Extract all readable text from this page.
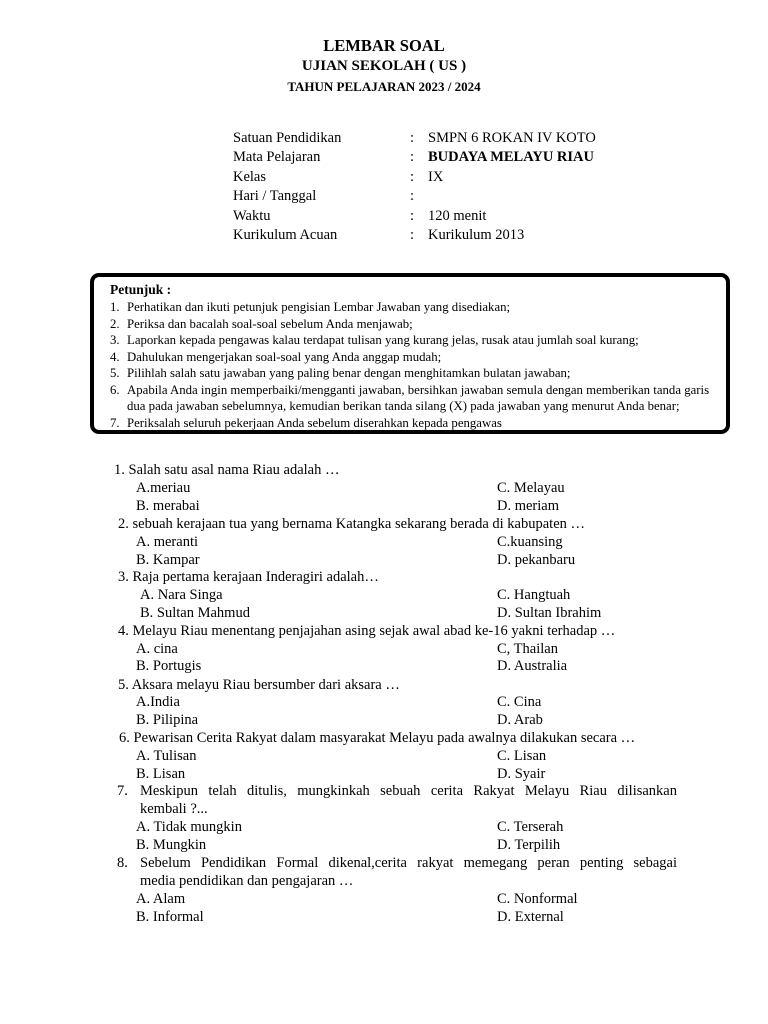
LEMBAR SOAL
UJIAN SEKOLAH ( US )
TAHUN PELAJARAN 2023 / 2024
Satuan Pendidikan	: SMPN 6 ROKAN IV KOTO
Mata Pelajaran	: BUDAYA MELAYU RIAU
Kelas	: IX
Hari / Tanggal	:
Waktu	: 120 menit
Kurikulum Acuan	: Kurikulum 2013
Petunjuk :
1. Perhatikan dan ikuti petunjuk pengisian Lembar Jawaban yang disediakan;
2. Periksa dan bacalah soal-soal sebelum Anda menjawab;
3. Laporkan kepada pengawas kalau terdapat tulisan yang kurang jelas, rusak atau jumlah soal kurang;
4. Dahulukan mengerjakan soal-soal yang Anda anggap mudah;
5. Pilihlah salah satu jawaban yang paling benar dengan menghitamkan bulatan jawaban;
6. Apabila Anda ingin memperbaiki/mengganti jawaban, bersihkan jawaban semula dengan memberikan tanda garis dua pada jawaban sebelumnya, kemudian berikan tanda silang (X) pada jawaban yang menurut Anda benar;
7. Periksalah seluruh pekerjaan Anda sebelum diserahkan kepada pengawas
1. Salah satu asal nama Riau adalah …
A.meriau	C. Melayau
B. merabai	D. meriam
2. sebuah kerajaan tua yang bernama Katangka sekarang berada di kabupaten …
A. meranti	C.kuansing
B. Kampar	D. pekanbaru
3. Raja pertama kerajaan Inderagiri adalah…
A. Nara Singa	C. Hangtuah
B. Sultan Mahmud	D. Sultan Ibrahim
4. Melayu Riau menentang penjajahan asing sejak awal abad ke-16 yakni terhadap …
A. cina	C, Thailan
B. Portugis	D. Australia
5. Aksara melayu Riau bersumber dari aksara …
A.India	C. Cina
B. Pilipina	D. Arab
6. Pewarisan Cerita Rakyat dalam masyarakat Melayu pada awalnya dilakukan secara …
A. Tulisan	C. Lisan
B. Lisan	D. Syair
7. Meskipun telah ditulis, mungkinkah sebuah cerita Rakyat Melayu Riau dilisankan
kembali ?...
A. Tidak mungkin	C. Terserah
B. Mungkin	D. Terpilih
8. Sebelum Pendidikan Formal dikenal,cerita rakyat memegang peran penting sebagai
media pendidikan dan pengajaran …
A. Alam	C. Nonformal
B. Informal	D. External
